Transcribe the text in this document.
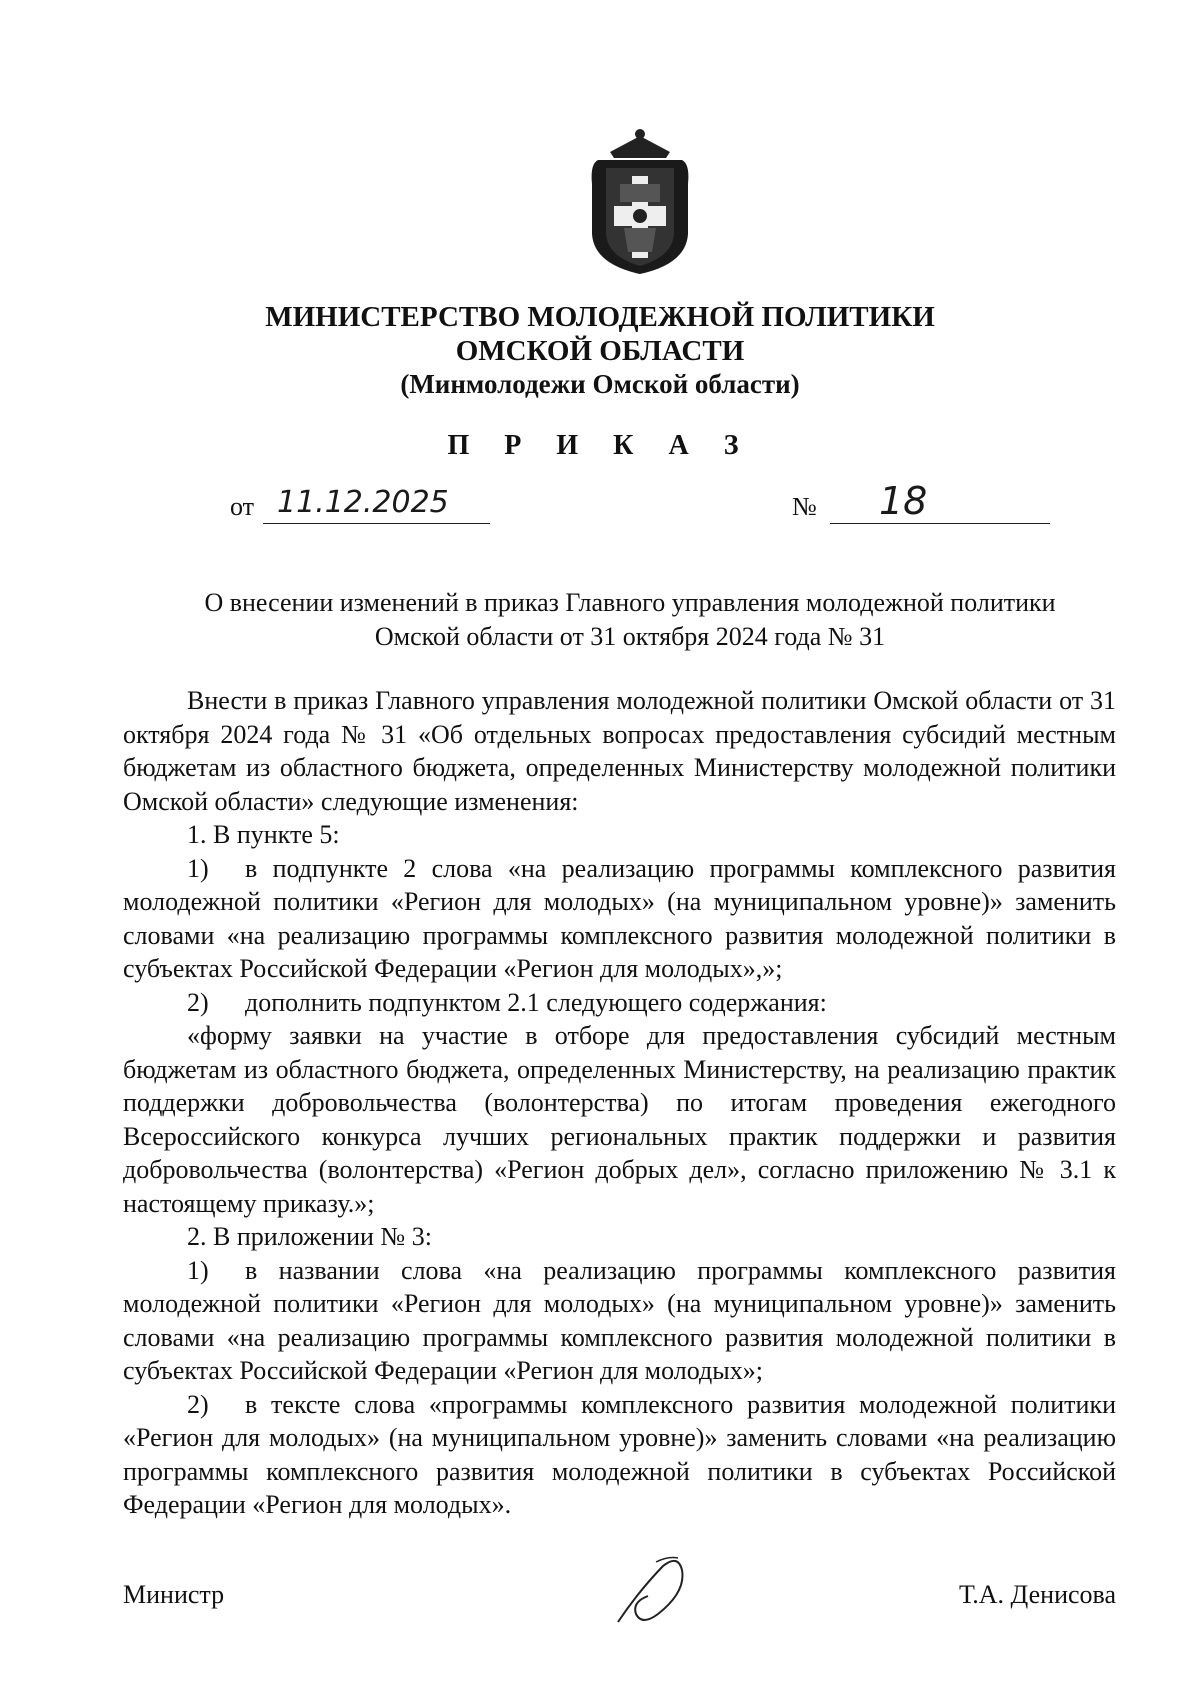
МИНИСТЕРСТВО МОЛОДЕЖНОЙ ПОЛИТИКИ
ОМСКОЙ ОБЛАСТИ
(Минмолодежи Омской области)
П Р И К А З
от 11.12.2025	№ 18
О внесении изменений в приказ Главного управления молодежной политики
Омской области от 31 октября 2024 года № 31

Внести в приказ Главного управления молодежной политики Омской области от 31 октября 2024 года № 31 «Об отдельных вопросах предоставления субсидий местным бюджетам из областного бюджета, определенных Министерству молодежной политики Омской области» следующие изменения:

1. В пункте 5:

1) в подпункте 2 слова «на реализацию программы комплексного развития молодежной политики «Регион для молодых» (на муниципальном уровне)» заменить словами «на реализацию программы комплексного развития молодежной политики в субъектах Российской Федерации «Регион для молодых»,»;

2) дополнить подпунктом 2.1 следующего содержания:

«форму заявки на участие в отборе для предоставления субсидий местным бюджетам из областного бюджета, определенных Министерству, на реализацию практик поддержки добровольчества (волонтерства) по итогам проведения ежегодного Всероссийского конкурса лучших региональных практик поддержки и развития добровольчества (волонтерства) «Регион добрых дел», согласно приложению № 3.1 к настоящему приказу.»;

2. В приложении № 3:

1) в названии слова «на реализацию программы комплексного развития молодежной политики «Регион для молодых» (на муниципальном уровне)» заменить словами «на реализацию программы комплексного развития молодежной политики в субъектах Российской Федерации «Регион для молодых»;

2) в тексте слова «программы комплексного развития молодежной политики «Регион для молодых» (на муниципальном уровне)» заменить словами «на реализацию программы комплексного развития молодежной политики в субъектах Российской Федерации «Регион для молодых».

Министр	Т.А. Денисова
